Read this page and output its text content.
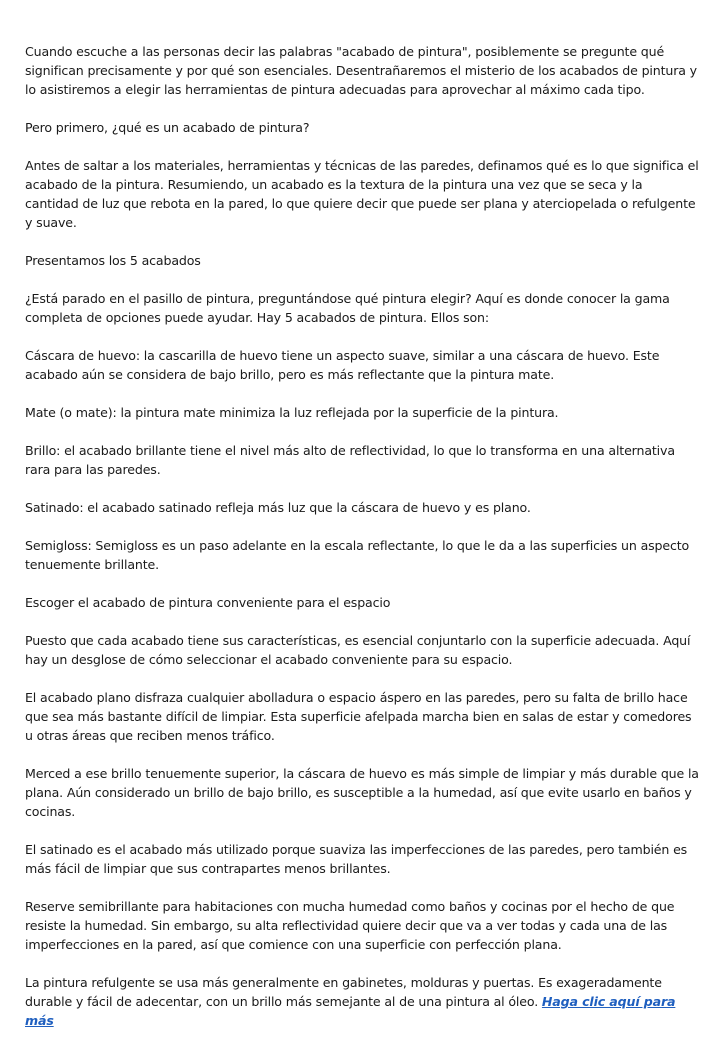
Cuando escuche a las personas decir las palabras "acabado de pintura", posiblemente se pregunte qué significan precisamente y por qué son esenciales. Desentrañaremos el misterio de los acabados de pintura y lo asistiremos a elegir las herramientas de pintura adecuadas para aprovechar al máximo cada tipo.

Pero primero, ¿qué es un acabado de pintura?

Antes de saltar a los materiales, herramientas y técnicas de las paredes, definamos qué es lo que significa el acabado de la pintura. Resumiendo, un acabado es la textura de la pintura una vez que se seca y la cantidad de luz que rebota en la pared, lo que quiere decir que puede ser plana y aterciopelada o refulgente y suave.

Presentamos los 5 acabados

¿Está parado en el pasillo de pintura, preguntándose qué pintura elegir? Aquí es donde conocer la gama completa de opciones puede ayudar. Hay 5 acabados de pintura. Ellos son:

Cáscara de huevo: la cascarilla de huevo tiene un aspecto suave, similar a una cáscara de huevo. Este acabado aún se considera de bajo brillo, pero es más reflectante que la pintura mate.

Mate (o mate): la pintura mate minimiza la luz reflejada por la superficie de la pintura.

Brillo: el acabado brillante tiene el nivel más alto de reflectividad, lo que lo transforma en una alternativa rara para las paredes.

Satinado: el acabado satinado refleja más luz que la cáscara de huevo y es plano.

Semigloss: Semigloss es un paso adelante en la escala reflectante, lo que le da a las superficies un aspecto tenuemente brillante.

Escoger el acabado de pintura conveniente para el espacio

Puesto que cada acabado tiene sus características, es esencial conjuntarlo con la superficie adecuada. Aquí hay un desglose de cómo seleccionar el acabado conveniente para su espacio.

El acabado plano disfraza cualquier abolladura o espacio áspero en las paredes, pero su falta de brillo hace que sea más bastante difícil de limpiar. Esta superficie afelpada marcha bien en salas de estar y comedores u otras áreas que reciben menos tráfico.

Merced a ese brillo tenuemente superior, la cáscara de huevo es más simple de limpiar y más durable que la plana. Aún considerado un brillo de bajo brillo, es susceptible a la humedad, así que evite usarlo en baños y cocinas.

El satinado es el acabado más utilizado porque suaviza las imperfecciones de las paredes, pero también es más fácil de limpiar que sus contrapartes menos brillantes.

Reserve semibrillante para habitaciones con mucha humedad como baños y cocinas por el hecho de que resiste la humedad. Sin embargo, su alta reflectividad quiere decir que va a ver todas y cada una de las imperfecciones en la pared, así que comience con una superficie con perfección plana.

La pintura refulgente se usa más generalmente en gabinetes, molduras y puertas. Es exageradamente durable y fácil de adecentar, con un brillo más semejante al de una pintura al óleo. Haga clic aquí para más
